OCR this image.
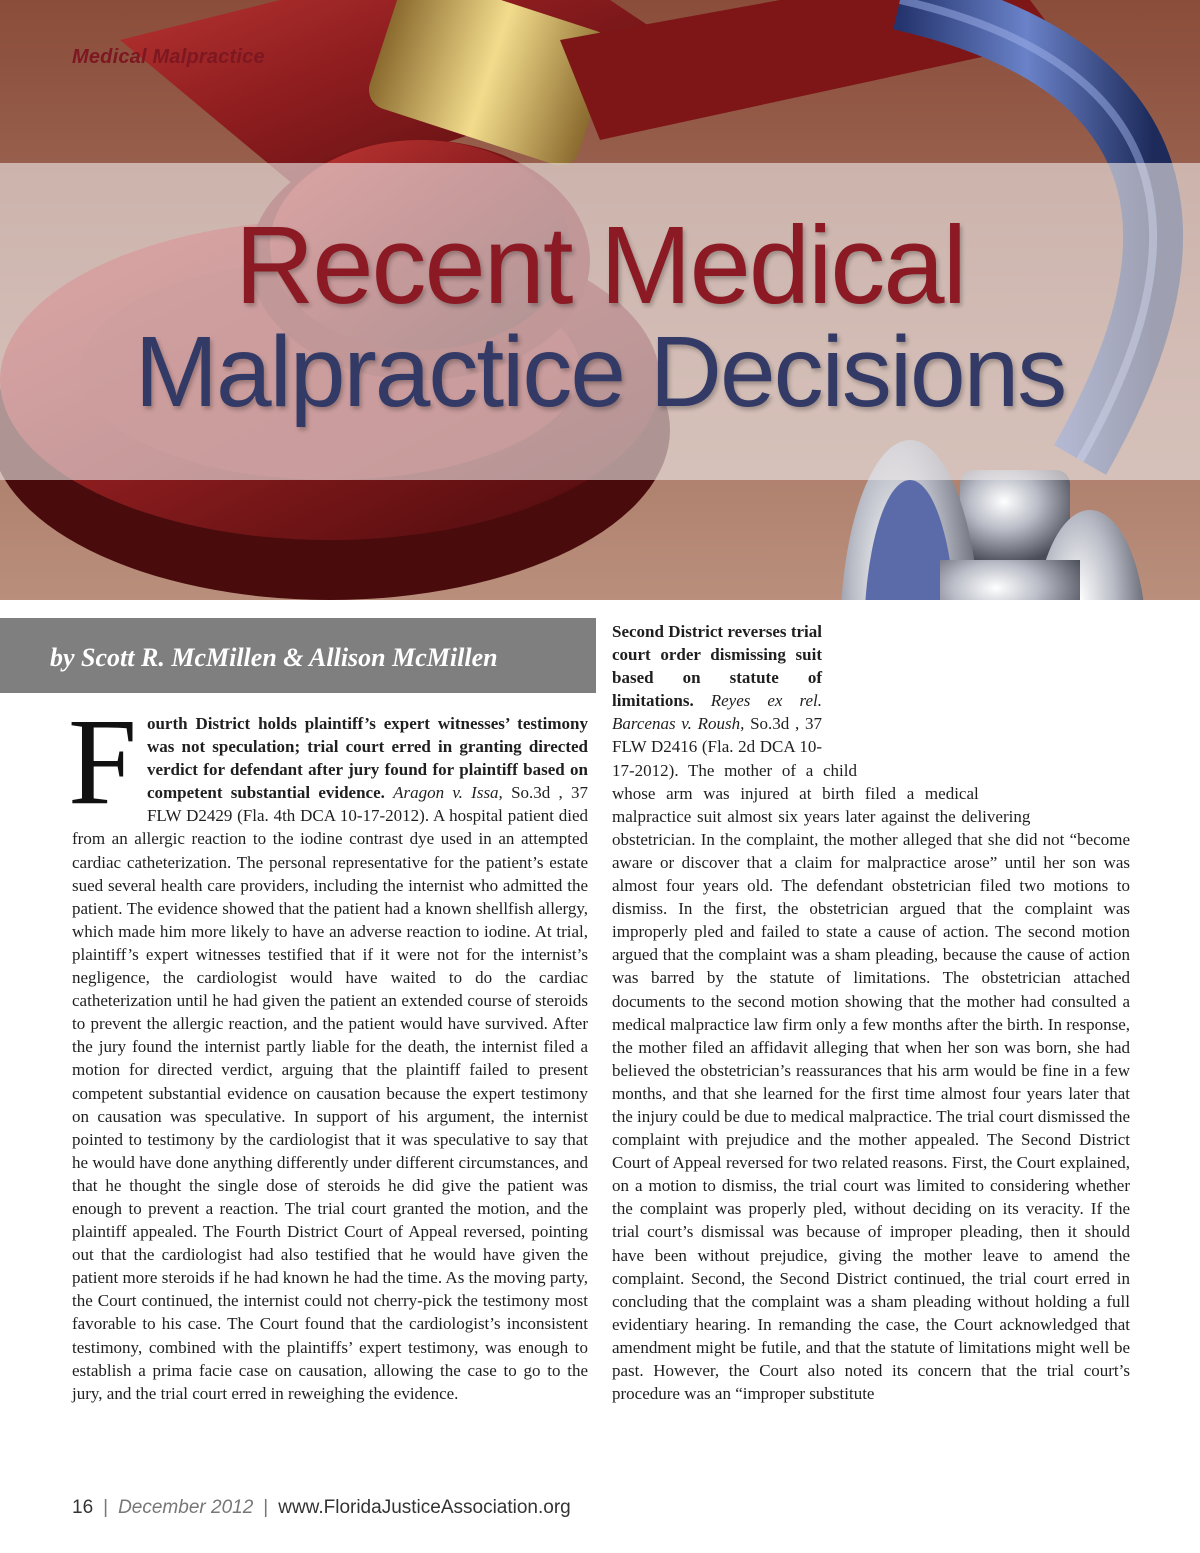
Medical Malpractice
Recent Medical
Malpractice Decisions
by Scott R. McMillen & Allison McMillen
F ourth District holds plaintiff’s expert witnesses’ testimony was not speculation; trial court erred in granting directed verdict for defendant after jury found for plaintiff based on competent substantial evidence. Aragon v. Issa, So.3d , 37 FLW D2429 (Fla. 4th DCA 10-17-2012). A hospital patient died from an allergic reaction to the iodine contrast dye used in an attempted cardiac catheterization. The personal representative for the patient’s estate sued several health care providers, including the internist who admitted the patient. The evidence showed that the patient had a known shellfish allergy, which made him more likely to have an adverse reaction to iodine. At trial, plaintiff’s expert witnesses testified that if it were not for the internist’s negligence, the cardiologist would have waited to do the cardiac catheterization until he had given the patient an extended course of steroids to prevent the allergic reaction, and the patient would have survived. After the jury found the internist partly liable for the death, the internist filed a motion for directed verdict, arguing that the plaintiff failed to present competent substantial evidence on causation because the expert testimony on causation was speculative. In support of his argument, the internist pointed to testimony by the cardiologist that it was speculative to say that he would have done anything differently under different circumstances, and that he thought the single dose of steroids he did give the patient was enough to prevent a reaction. The trial court granted the motion, and the plaintiff appealed. The Fourth District Court of Appeal reversed, pointing out that the cardiologist had also testified that he would have given the patient more steroids if he had known he had the time. As the moving party, the Court continued, the internist could not cherry-pick the testimony most favorable to his case. The Court found that the cardiologist’s inconsistent testimony, combined with the plaintiffs’ expert testimony, was enough to establish a prima facie case on causation, allowing the case to go to the jury, and the trial court erred in reweighing the evidence.
Second District reverses trial court order dismissing suit based on statute of limitations. Reyes ex rel. Barcenas v. Roush, So.3d , 37 FLW D2416 (Fla. 2d DCA 10-17-2012). The mother of a child whose arm was injured at birth filed a medical malpractice suit almost six years later against the delivering obstetrician. In the complaint, the mother alleged that she did not “become aware or discover that a claim for malpractice arose” until her son was almost four years old. The defendant obstetrician filed two motions to dismiss. In the first, the obstetrician argued that the complaint was improperly pled and failed to state a cause of action. The second motion argued that the complaint was a sham pleading, because the cause of action was barred by the statute of limitations. The obstetrician attached documents to the second motion showing that the mother had consulted a medical malpractice law firm only a few months after the birth. In response, the mother filed an affidavit alleging that when her son was born, she had believed the obstetrician’s reassurances that his arm would be fine in a few months, and that she learned for the first time almost four years later that the injury could be due to medical malpractice. The trial court dismissed the complaint with prejudice and the mother appealed. The Second District Court of Appeal reversed for two related reasons. First, the Court explained, on a motion to dismiss, the trial court was limited to considering whether the complaint was properly pled, without deciding on its veracity. If the trial court’s dismissal was because of improper pleading, then it should have been without prejudice, giving the mother leave to amend the complaint. Second, the Second District continued, the trial court erred in concluding that the complaint was a sham pleading without holding a full evidentiary hearing. In remanding the case, the Court acknowledged that amendment might be futile, and that the statute of limitations might well be past. However, the Court also noted its concern that the trial court’s procedure was an “improper substitute
16 | December 2012 | www.FloridaJusticeAssociation.org
